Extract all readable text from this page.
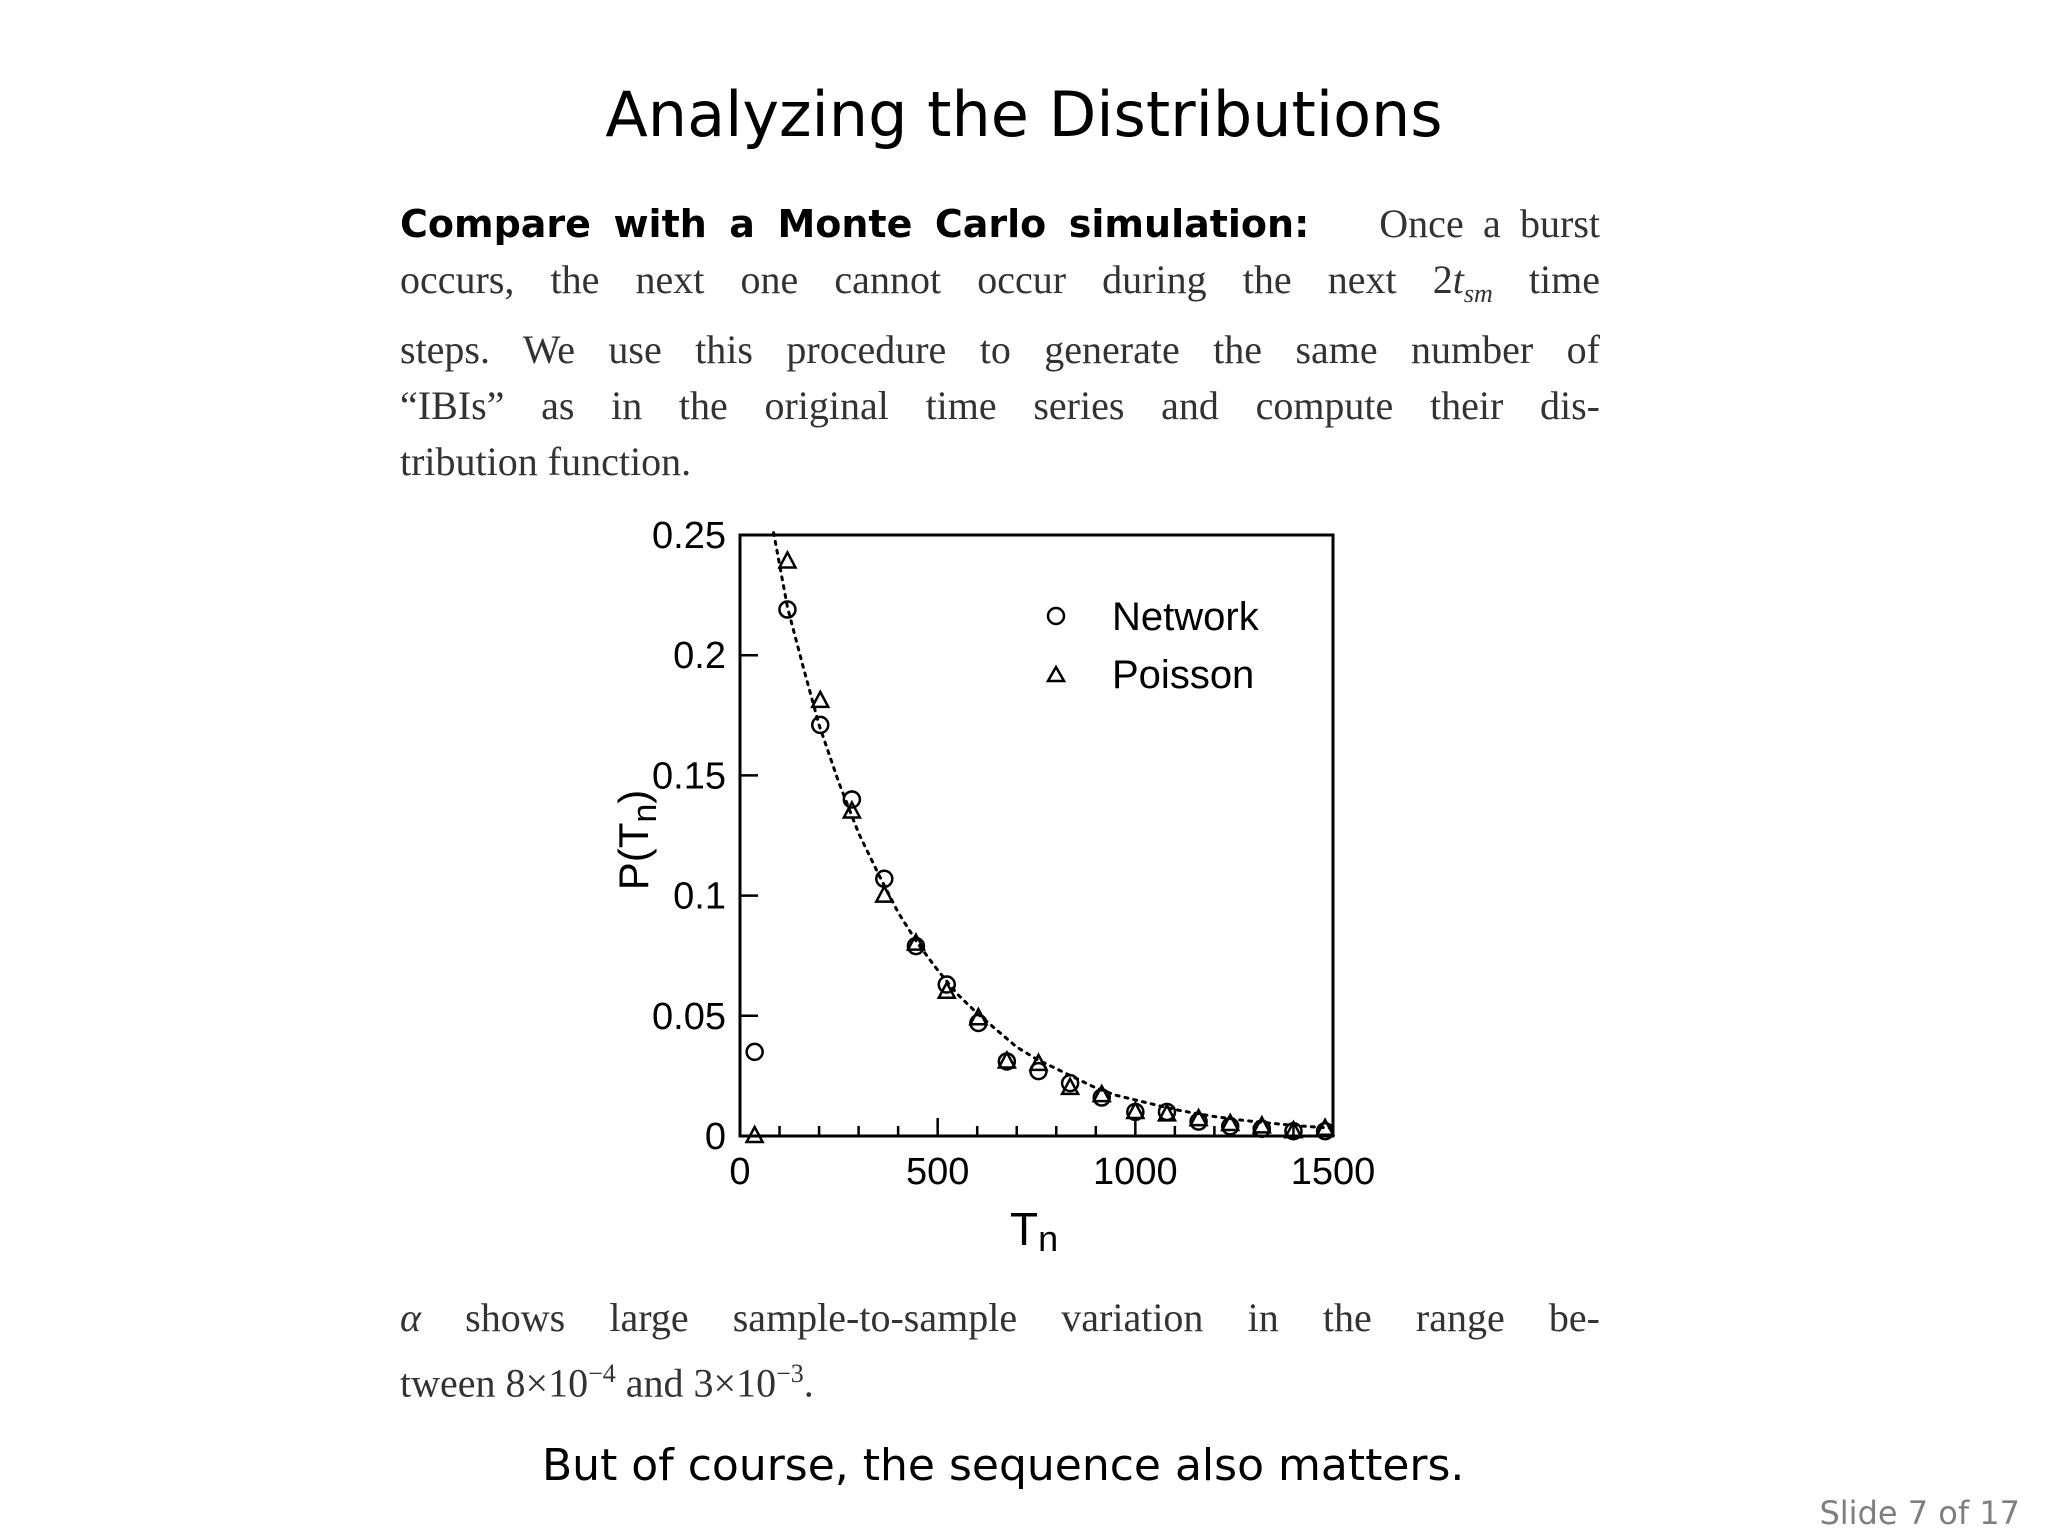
Analyzing the Distributions
Compare with a Monte Carlo simulation: Once a burst
occurs, the next one cannot occur during the next $2t_{sm}$ time
steps. We use this procedure to generate the same number of
“IBIs” as in the original time series and compute their dis-
tribution function.
0	500	1000	1500
0
0.05
0.1
0.15
0.2
0.25
Network
Poisson
Tn
P(Tn)
α shows large sample-to-sample variation in the range be-
tween $8\times 10^{-4}$ and $3\times 10^{-3}$.
But of course, the sequence also matters.
Slide 7 of 17
